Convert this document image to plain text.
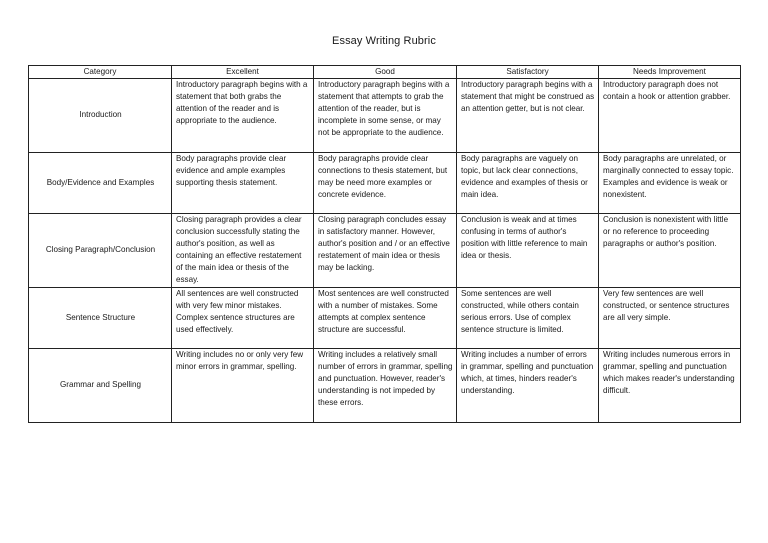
Essay Writing Rubric
Category	Excellent	Good	Satisfactory	Needs Improvement
Introduction	Introductory paragraph begins with a statement that both grabs the attention of the reader and is appropriate to the audience.	Introductory paragraph begins with a statement that attempts to grab the attention of the reader, but is incomplete in some sense, or may not be appropriate to the audience.	Introductory paragraph begins with a statement that might be construed as an attention getter, but is not clear.	Introductory paragraph does not contain a hook or attention grabber.
Body/Evidence and Examples	Body paragraphs provide clear evidence and ample examples supporting thesis statement.	Body paragraphs provide clear connections to thesis statement, but may be need more examples or concrete evidence.	Body paragraphs are vaguely on topic, but lack clear connections, evidence and examples of thesis or main idea.	Body paragraphs are unrelated, or marginally connected to essay topic. Examples and evidence is weak or nonexistent.
Closing Paragraph/Conclusion	Closing paragraph provides a clear conclusion successfully stating the author's position, as well as containing an effective restatement of the main idea or thesis of the essay.	Closing paragraph concludes essay in satisfactory manner. However, author's position and / or an effective restatement of main idea or thesis may be lacking.	Conclusion is weak and at times confusing in terms of author's position with little reference to main idea or thesis.	Conclusion is nonexistent with little or no reference to proceeding paragraphs or author's position.
Sentence Structure	All sentences are well constructed with very few minor mistakes. Complex sentence structures are used effectively.	Most sentences are well constructed with a number of mistakes. Some attempts at complex sentence structure are successful.	Some sentences are well constructed, while others contain serious errors. Use of complex sentence structure is limited.	Very few sentences are well constructed, or sentence structures are all very simple.
Grammar and Spelling	Writing includes no or only very few minor errors in grammar, spelling.	Writing includes a relatively small number of errors in grammar, spelling and punctuation. However, reader's understanding is not impeded by these errors.	Writing includes a number of errors in grammar, spelling and punctuation which, at times, hinders reader's understanding.	Writing includes numerous errors in grammar, spelling and punctuation which makes reader's understanding difficult.
